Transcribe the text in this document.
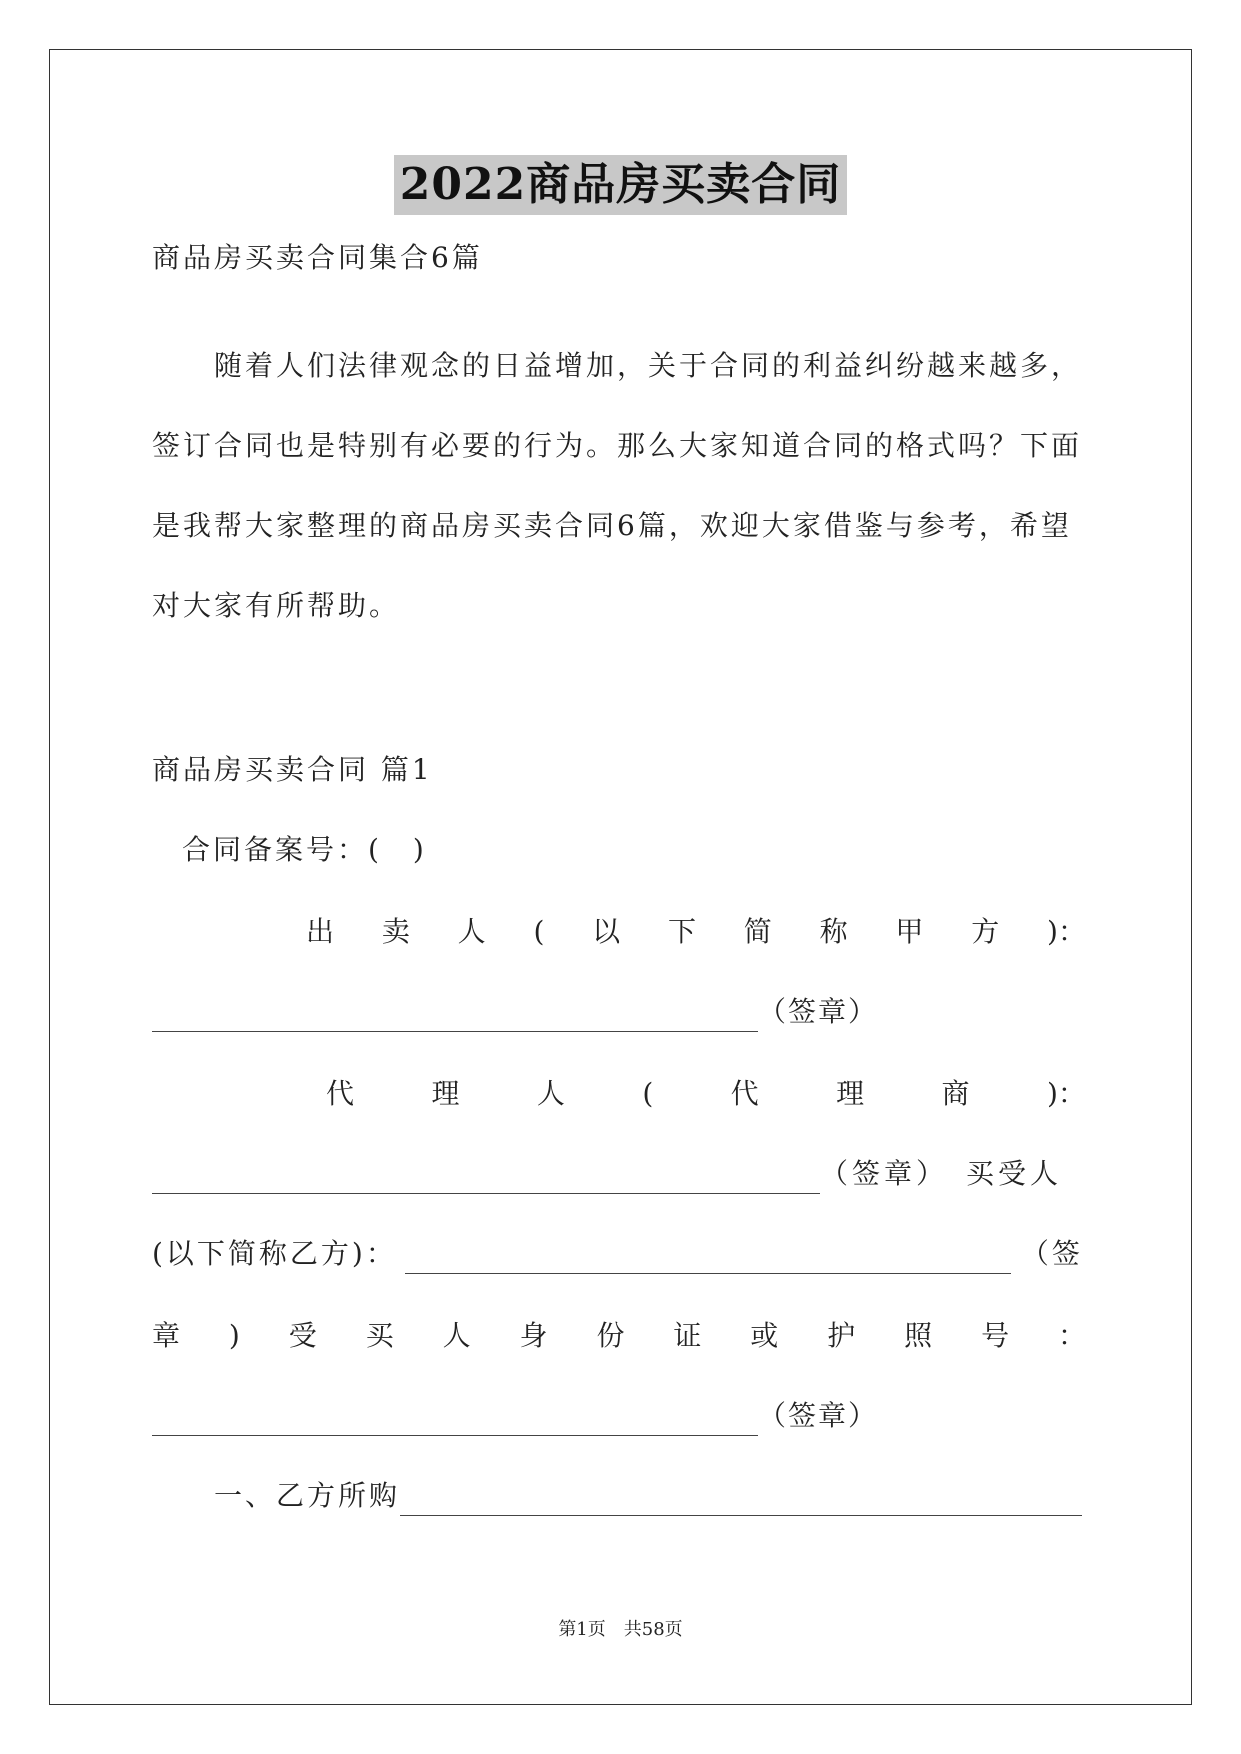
2022商品房买卖合同
商品房买卖合同集合6篇
随着人们法律观念的日益增加，关于合同的利益纠纷越来越多，
签订合同也是特别有必要的行为。那么大家知道合同的格式吗？下面
是我帮大家整理的商品房买卖合同6篇，欢迎大家借鉴与参考，希望
对大家有所帮助。
商品房买卖合同 篇1
合同备案号：(　)
出 卖 人 ( 以 下 简 称 甲 方 )：
（签章）
代	理	人	(	代	理	商	)：
（签章）　买受人
(以下简称乙方)：	（签
章 ) 受 买 人 身 份 证 或 护 照 号 ：
（签章）
一、乙方所购
第1页　共58页
